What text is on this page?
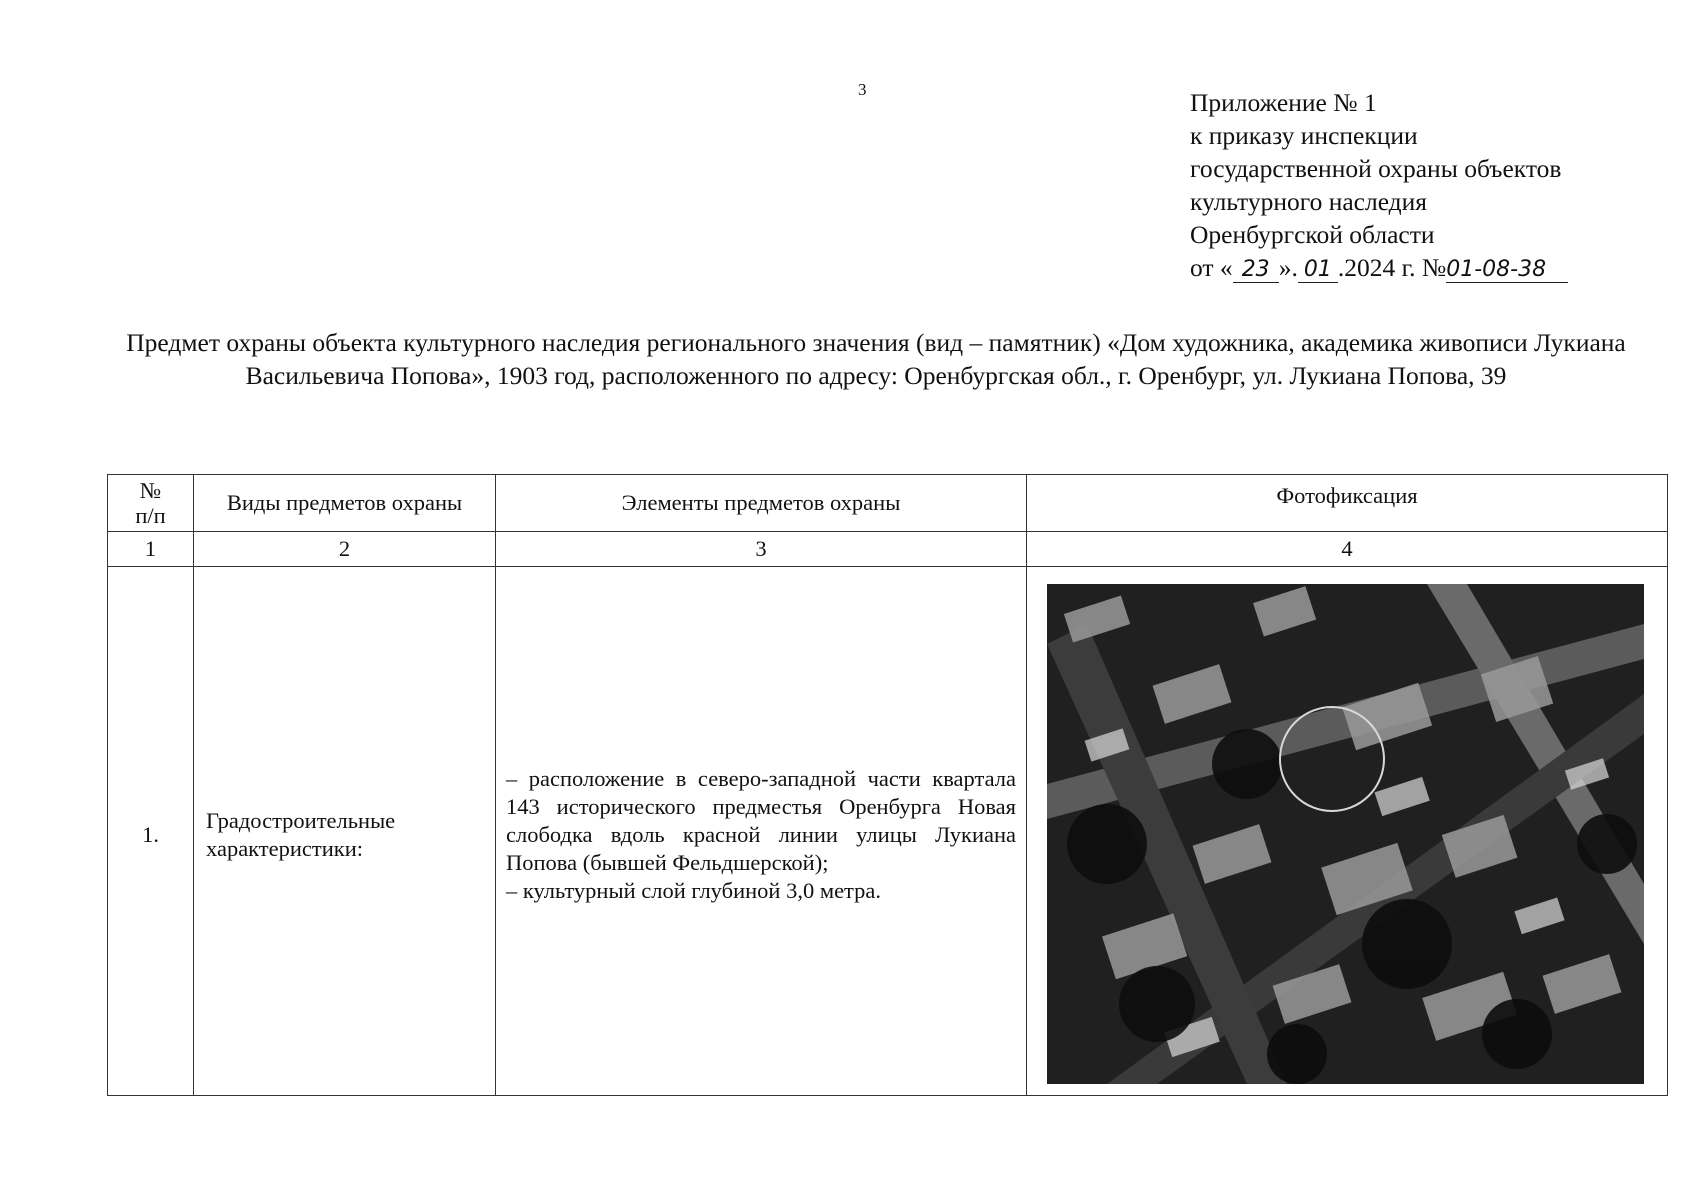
3	Приложение № 1
к приказу инспекции
государственной охраны объектов
культурного наследия
Оренбургской области
от « 23 ». 01 .2024 г. №01-08-38
Предмет охраны объекта культурного наследия регионального значения (вид – памятник) «Дом художника, академика живописи Лукиана Васильевича Попова», 1903 год, расположенного по адресу: Оренбургская обл., г. Оренбург, ул. Лукиана Попова, 39
№
п/п	Виды предметов охраны	Элементы предметов охраны	Фотофиксация
1	2	3	4
1.	Градостроительные характеристики:	– расположение в северо-западной части квартала 143 исторического предместья Оренбурга Новая слободка вдоль красной линии улицы Лукиана Попова (бывшей Фельдшерской);

– культурный слой глубиной 3,0 метра.
